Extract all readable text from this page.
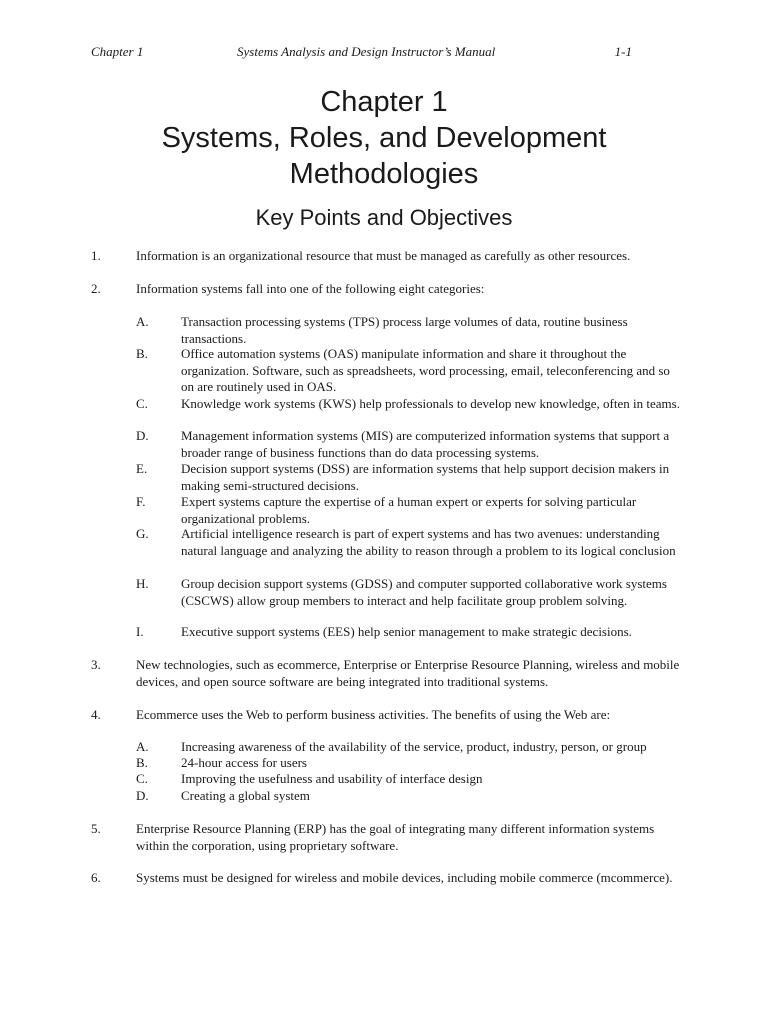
Chapter 1	Systems Analysis and Design Instructor’s Manual	1-1

Chapter 1

Systems, Roles, and Development

Methodologies

Key Points and Objectives

1.	Information is an organizational resource that must be managed as carefully as other resources.
2.	Information systems fall into one of the following eight categories:
A. Transaction processing systems (TPS) process large volumes of data, routine business transactions.
B.	Office automation systems (OAS) manipulate information and share it throughout the organization. Software, such as spreadsheets, word processing, email, teleconferencing and so on are routinely used in OAS.
C.	Knowledge work systems (KWS) help professionals to develop new knowledge, often in teams.
D. Management information systems (MIS) are computerized information systems that support a broader range of business functions than do data processing systems.
E.	Decision support systems (DSS) are information systems that help support decision makers in making semi-structured decisions.
F.	Expert systems capture the expertise of a human expert or experts for solving particular organizational problems.
G. Artificial intelligence research is part of expert systems and has two avenues: understanding natural language and analyzing the ability to reason through a problem to its logical conclusion
H. Group decision support systems (GDSS) and computer supported collaborative work systems (CSCWS) allow group members to interact and help facilitate group problem solving.
I.	Executive support systems (EES) help senior management to make strategic decisions.
3.	New technologies, such as ecommerce, Enterprise or Enterprise Resource Planning, wireless and mobile devices, and open source software are being integrated into traditional systems.
4.	Ecommerce uses the Web to perform business activities. The benefits of using the Web are:
A. Increasing awareness of the availability of the service, product, industry, person, or group
B.	24-hour access for users
C.	Improving the usefulness and usability of interface design
D. Creating a global system
5.	Enterprise Resource Planning (ERP) has the goal of integrating many different information systems within the corporation, using proprietary software.
6.	Systems must be designed for wireless and mobile devices, including mobile commerce (mcommerce).
